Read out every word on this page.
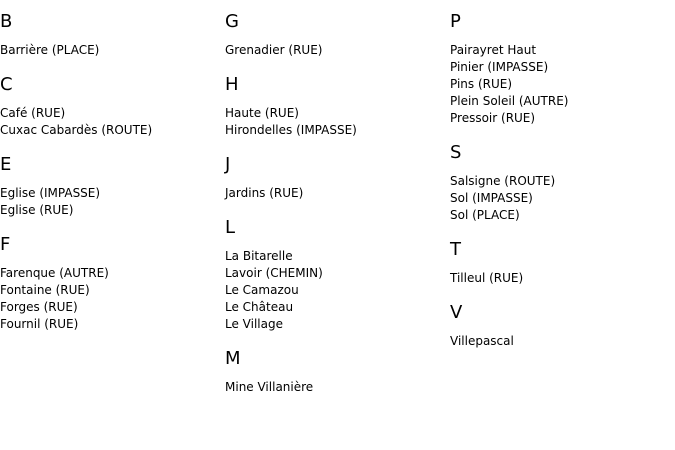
B
Barrière (PLACE)
C
Café (RUE)
Cuxac Cabardès (ROUTE)
E
Eglise (IMPASSE)
Eglise (RUE)
F
Farenque (AUTRE)
Fontaine (RUE)
Forges (RUE)
Fournil (RUE)
G
Grenadier (RUE)
H
Haute (RUE)
Hirondelles (IMPASSE)
J
Jardins (RUE)
L
La Bitarelle
Lavoir (CHEMIN)
Le Camazou
Le Château
Le Village
M
Mine Villanière
P
Pairayret Haut
Pinier (IMPASSE)
Pins (RUE)
Plein Soleil (AUTRE)
Pressoir (RUE)
S
Salsigne (ROUTE)
Sol (IMPASSE)
Sol (PLACE)
T
Tilleul (RUE)
V
Villepascal
